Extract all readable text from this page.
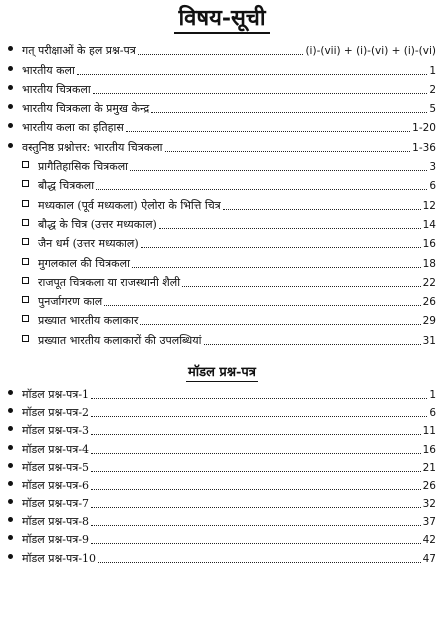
विषय-सूची
गत् परीक्षाओं के हल प्रश्न-पत्र	(i)-(vii) + (i)-(vi) + (i)-(vi)
भारतीय कला	1
भारतीय चित्रकला	2
भारतीय चित्रकला के प्रमुख केन्द्र	5
भारतीय कला का इतिहास	1-20
वस्तुनिष्ठ प्रश्नोत्तर: भारतीय चित्रकला	1-36
प्रागैतिहासिक चित्रकला	3
बौद्ध चित्रकला	6
मध्यकाल (पूर्व मध्यकला) ऐलोरा के भित्ति चित्र	12
बौद्ध के चित्र (उत्तर मध्यकाल)	14
जैन धर्म (उत्तर मध्यकाल)	16
मुगलकाल की चित्रकला	18
राजपूत चित्रकला या राजस्थानी शैली	22
पुनर्जागरण काल	26
प्रख्यात भारतीय कलाकार	29
प्रख्यात भारतीय कलाकारों की उपलब्धियां	31
मॉडल प्रश्न-पत्र
मॉडल प्रश्न-पत्र-1	1
मॉडल प्रश्न-पत्र-2	6
मॉडल प्रश्न-पत्र-3	11
मॉडल प्रश्न-पत्र-4	16
मॉडल प्रश्न-पत्र-5	21
मॉडल प्रश्न-पत्र-6	26
मॉडल प्रश्न-पत्र-7	32
मॉडल प्रश्न-पत्र-8	37
मॉडल प्रश्न-पत्र-9	42
मॉडल प्रश्न-पत्र-10	47
